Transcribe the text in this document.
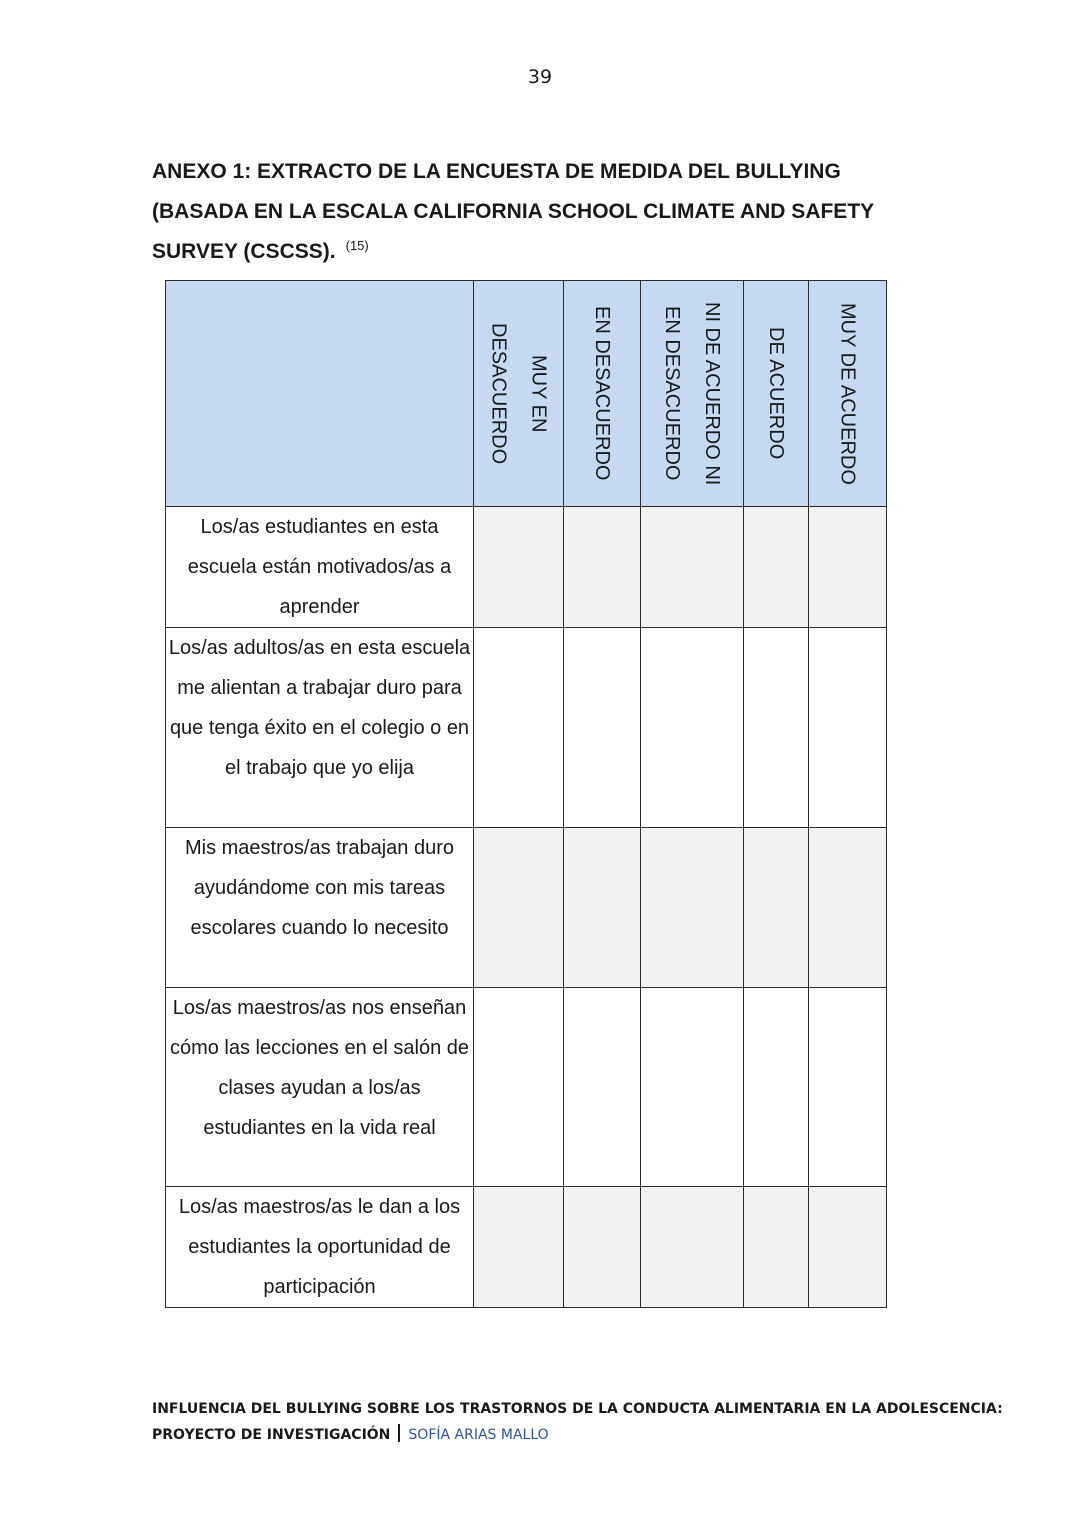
39
ANEXO 1: EXTRACTO DE LA ENCUESTA DE MEDIDA DEL BULLYING
(BASADA EN LA ESCALA CALIFORNIA SCHOOL CLIMATE AND SAFETY
SURVEY (CSCSS). $^{(15)}$

MUY EN DESACUERDO	EN DESACUERDO	NI DE ACUERDO NI EN DESACUERDO	DE ACUERDO	MUY DE ACUERDO

Los/as estudiantes en esta escuela están motivados/as a aprender					
Los/as adultos/as en esta escuela me alientan a trabajar duro para que tenga éxito en el colegio o en el trabajo que yo elija					
Mis maestros/as trabajan duro ayudándome con mis tareas escolares cuando lo necesito					
Los/as maestros/as nos enseñan cómo las lecciones en el salón de clases ayudan a los/as estudiantes en la vida real					
Los/as maestros/as le dan a los estudiantes la oportunidad de participación					
INFLUENCIA DEL BULLYING SOBRE LOS TRASTORNOS DE LA CONDUCTA ALIMENTARIA EN LA ADOLESCENCIA:
PROYECTO DE INVESTIGACIÓN SOFÍA ARIAS MALLO
